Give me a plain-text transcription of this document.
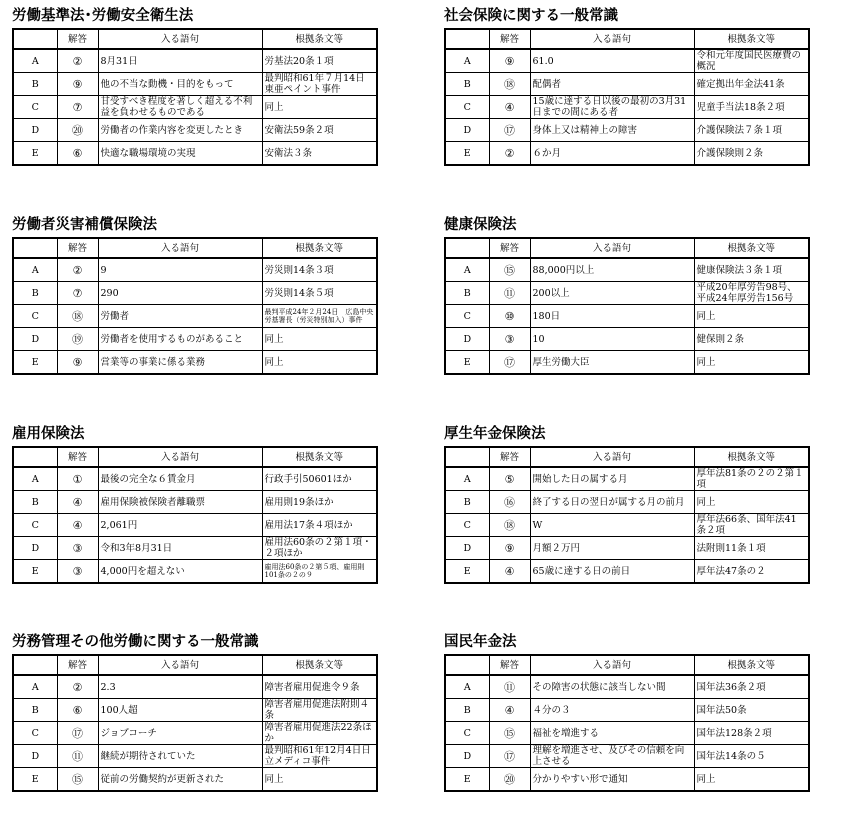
労働基準法･労働安全衛生法
	解答	入る語句	根拠条文等
A	②	8月31日	労基法20条１項
B	⑨	他の不当な動機・目的をもって	最判昭和61年７月14日東亜ペイント事件
C	⑦	甘受すべき程度を著しく超える不利益を負わせるものである	同上
D	⑳	労働者の作業内容を変更したとき	安衛法59条２項
E	⑥	快適な職場環境の実現	安衛法３条
社会保険に関する一般常識
	解答	入る語句	根拠条文等
A	⑨	61.0	令和元年度国民医療費の概況
B	⑱	配偶者	確定拠出年金法41条
C	④	15歳に達する日以後の最初の3月31日までの間にある者	児童手当法18条２項
D	⑰	身体上又は精神上の障害	介護保険法７条１項
E	②	６か月	介護保険則２条
労働者災害補償保険法
	解答	入る語句	根拠条文等
A	②	9	労災則14条３項
B	⑦	290	労災則14条５項
C	⑱	労働者	最判平成24年２月24日　広島中央労基署長（労災特別加入）事件
D	⑲	労働者を使用するものがあること	同上
E	⑨	営業等の事業に係る業務	同上
健康保険法
	解答	入る語句	根拠条文等
A	⑮	88,000円以上	健康保険法３条１項
B	⑪	200以上	平成20年厚労告98号、平成24年厚労告156号
C	⑩	180日	同上
D	③	10	健保則２条
E	⑰	厚生労働大臣	同上
雇用保険法
	解答	入る語句	根拠条文等
A	①	最後の完全な６賃金月	行政手引50601ほか
B	④	雇用保険被保険者離職票	雇用則19条ほか
C	④	2,061円	雇用法17条４項ほか
D	③	令和3年8月31日	雇用法60条の２第１項・２項ほか
E	③	4,000円を超えない	雇用法60条の２第５項、雇用則101条の２の９
厚生年金保険法
	解答	入る語句	根拠条文等
A	⑤	開始した日の属する月	厚年法81条の２の２第１項
B	⑯	終了する日の翌日が属する月の前月	同上
C	⑱	W	厚年法66条、国年法41条２項
D	⑨	月額２万円	法附則11条１項
E	④	65歳に達する日の前日	厚年法47条の２
労務管理その他労働に関する一般常識
	解答	入る語句	根拠条文等
A	②	2.3	障害者雇用促進令９条
B	⑥	100人超	障害者雇用促進法附則４条
C	⑰	ジョブコーチ	障害者雇用促進法22条ほか
D	⑪	継続が期待されていた	最判昭和61年12月4日日立メディコ事件
E	⑮	従前の労働契約が更新された	同上
国民年金法
	解答	入る語句	根拠条文等
A	⑪	その障害の状態に該当しない間	国年法36条２項
B	④	４分の３	国年法50条
C	⑮	福祉を増進する	国年法128条２項
D	⑰	理解を増進させ、及びその信頼を向上させる	国年法14条の５
E	⑳	分かりやすい形で通知	同上
